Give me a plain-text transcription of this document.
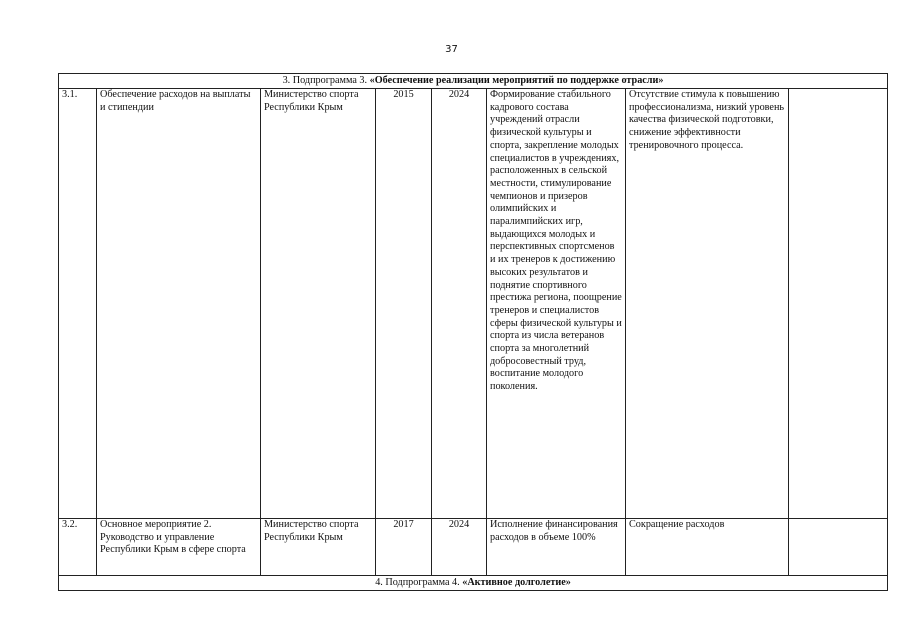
37
3. Подпрограмма 3. «Обеспечение реализации мероприятий по поддержке отрасли»							
3.1.	Обеспечение расходов на выплаты и стипендии	Министерство спорта Республики Крым	2015	2024	Формирование стабильного кадрового состава учреждений отрасли физической культуры и спорта, закрепление молодых специалистов в учреждениях, расположенных в сельской местности, стимулирование чемпионов и призеров олимпийских и паралимпийских игр, выдающихся молодых и перспективных спортсменов и их тренеров к достижению высоких результатов и поднятие спортивного престижа региона, поощрение тренеров и специалистов сферы физической культуры и спорта из числа ветеранов спорта за многолетний добросовестный труд, воспитание молодого поколения.	Отсутствие стимула к повышению профессионализма, низкий уровень качества физической подготовки, снижение эффективности тренировочного процесса.	
3.2.	Основное мероприятие 2. Руководство и управление Республики Крым в сфере спорта	Министерство спорта Республики Крым	2017	2024	Исполнение финансирования расходов в объеме 100%	Сокращение расходов	
4. Подпрограмма 4. «Активное долголетие»							
